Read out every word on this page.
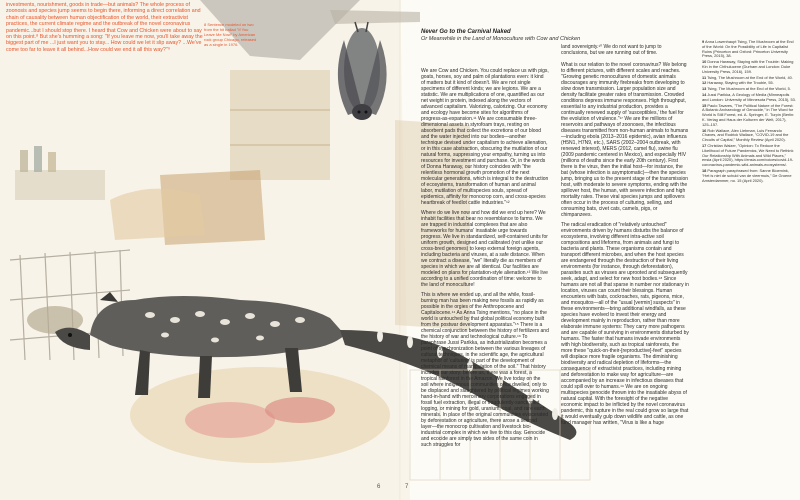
investments, nourishment, goods in trade—but animals? The whole process of zoonosis and species jump seems to begin there, informing a direct correlation and chain of causality between human objectification of the world, their extractivist practices, the current climate regime and the outbreak of the novel coronavirus pandemic...but I should stop there. I heard that Cow and Chicken were about to say on this point.⁸ But she's humming a song: "If you leave me now, you'll take away the biggest part of me ...I just want you to stay... How could we let it slip away? ...We've come too far to leave it all behind...How could we end it all this way?"⁹

8 Sentence modeled on two from the hit ballad "If You Leave Me Now" by American rock group Chicago, released as a single in 1976.

6

Never Go to the Carnival Naked

Or Meanwhile in the Land of Monoculture with Cow and Chicken

land sovereignty.¹⁰ We do not want to jump to conclusions, but we are running out of time.

We are Cow and Chicken. You could replace us with pigs, goats, horses, soy and palm oil plantations even: it kind of matters but it kind of doesn't. We are not single specimens of different kinds; we are legions. We are a statistic. We are multiplications of one, quantified as our net weight in protein, indexed along the vectors of advanced capitalism. Valorizing, calorizing. Our economy and ecology have become sites for algorithms of progress-as-expansion.¹¹ We are consumable three-dimensional assets in styrofoam trays, resting on absorbent pads that collect the excretions of our blood and the water injected into our bodies—another technique devised under capitalism to achieve alienation, or in this case abstraction, obscuring the mutilation of our natural forms, suppressing your empathy, turning us into resources for investment and purchase. Or, in the words of Donna Haraway, our history coincides with "the relentless hormonal growth promotion of the next molecular generations, which is integral to the destruction of ecosystems, transformation of human and animal labor, mutilation of multispecies souls, spread of epidemics, affinity for monocrop corn, and cross-species heartbreak of feedlot cattle industries."¹²

Where do we live now and how did we end up here? We inhabit facilities that bear no resemblance to farms. We are trapped in industrial complexes that are also frameworks for humans' insatiable urge towards progress. We live in standardized, self-contained units for uniform growth, designed and calibrated (not unlike our cross-bred genomes) to keep external foreign agents, including bacteria and viruses, at a safe distance. When we contract a disease, "we" literally die as members of species in which we are all identical. Our facilities are modeled on plans for plantation-style alienation.¹³ We live according to a unified coordination of time: welcome to the land of monoculture!

This is where we ended up, and all the while, fossil-burning man has been making new fossils as rapidly as possible in the orgies of the Anthropocene and Capitalocene.¹⁴ As Anna Tsing mentions, "no place in the world is untouched by that global political economy built from the postwar development apparatus."¹⁵ There is a chemical conjunction between the history of fertilizers and the history of war and technological culture.¹⁶ To paraphrase Jussi Parikka, as industrialization becomes a point of synchronization between the various lineages of cultural techniques, in the scientific age, the agricultural metaphor of 'culturing' is part of the development of chemical means of manipulation of the soil." That history includes our story: before us, there was a forest, a tropical rainforest in the Amazon. We live today on the soil where indigenous communities once dwelled, only to be displaced and slaughtered by political regimes working hand-in-hand with mercenary corporations engaged in fossil fuel extraction, illegal or fraudulently-sanctioned logging, or mining for gold, uranium, coal, and rare earth minerals. In place of the original communities eviscerated by deforestation or agriculture, there arose a second layer—the monocrop cultivation and livestock bio-industrial complex in which we live to this day. Genocide and ecocide are simply two sides of the same coin in such struggles for

What is our relation to the novel coronavirus? We belong to different pictures, with different scales and reaches. "Growing genetic monocultures of domestic animals discourages any immunity firebreaks from developing to slow down transmission. Larger population size and density facilitate greater rates of transmission. Crowded conditions depress immune responses. High throughput, essential to any industrial production, provides a continually renewed supply of 'susceptibles,' the fuel for the evolution of virulence."¹⁷ We are the millions of reservoirs and pathways of zoonoses, the infectious diseases transmitted from non-human animals to humans—including ebola (2013–2016 epidemic), avian influenza (H5N1, H7N9, etc.), SARS (2002–2004 outbreak, with renewed interest), MERS (2012, camel flu), swine flu (2009 pandemic centered in Mexico), and especially HIV (millions of deaths since the early 20th century). First there is the virus, then the initial host—for instance, the bat (whose infection is asymptomatic)—then the species jump, bringing us to the present stage of the transmission host, with moderate to severe symptoms, ending with the spillover host, the human, with severe infection and high mortality rates. These viral species jumps and spillovers often occur in the process of culturing, selling, and consuming bats, civet cats, camels, pigs, or chimpanzees.

The radical eradication of "relatively untouched" environments driven by humans disturbs the balance of ecosystems, involving different intra-active soil compositions and lifeforms, from animals and fungi to bacteria and plants. These organisms contain and transport different microbes, and when the host species are endangered through the destruction of their living environments (for instance, through deforestation), parasites such as viruses are uprooted and subsequently seek, adapt, and select for new host bodies.¹⁸ Since humans are not all that sparse in number nor stationary in location, viruses can count their blessings. Human encounters with bats, cockroaches, rats, pigeons, mice, and mosquitos—all of the "usual [vermin] suspects" in these environments—bring additional windfalls, as these species have evolved to invest their energy and development mainly in reproduction, rather than more elaborate immune systems: They carry more pathogens and are capable of surviving in environments disturbed by humans. The faster that humans invade environments with high biodiversity, such as tropical rainforests, the more these "quick-on-their-[reproductive]-feet" species will displace more fragile organisms. The diminishing biodiversity and radical depletion of lifeforms—the consequence of extractivist practices, including mining and deforestation to make way for agriculture—are accompanied by an increase in infectious diseases that could spill over to humans.¹⁹ We are on ongoing multispecies genocide thrown into the insatiable abyss of natural capital. With the foresight of the negative economic impact to be inflicted by the novel coronavirus pandemic, this rupture in the real could grow so large that it would eventually gulp down wildlife and cattle, as one fund manager has written, "Virus is like a huge

9 Anna Lowenhaupt Tsing, The Mushroom at the End of the World: On the Possibility of Life in Capitalist Ruins (Princeton and Oxford: Princeton University Press, 2015), 38.

10 Donna Haraway, Staying with the Trouble: Making Kin in the Chthulucene (Durham and London: Duke University Press, 2016), 159.

11 Tsing, The Mushroom at the End of the World, 40.

12 Haraway, Staying with the Trouble, 55.

13 Tsing, The Mushroom at the End of the World, 5.

14 Jussi Parikka, A Geology of Media (Minneapolis and London: University of Minnesota Press, 2015), 53.

15 Paulo Tavares, "The Political Nature of the Forest: A Botanic Archaeology of Genocide," in The Word for World is Still Forest, ed. A. Springer, E. Turpin (Berlin: K. Verlag and Haus der Kulturen der Welt, 2017), 125–157.

16 Rob Wallace, Alex Liebman, Luis Fernando Chaves, and Rodrick Wallace, "COVID-19 and the Circuits of Capital," Monthly Review (April 2020).

17 Christian Walzer, "Opinion: To Reduce the Likelihood of Future Pandemics, We Need to Rethink Our Relationship With Animals and Wild Places," ensia (April 2020), https://ensia.com/voices/covid-19-coronavirus-pandemic-wild-animals-ecosystems/.

18 Paragraph paraphrased from: Sanne Bloemink, "Het is niet de schuld van de vleermuis," De Groene Amsterdammer, no. 15 (April 2020).

7
